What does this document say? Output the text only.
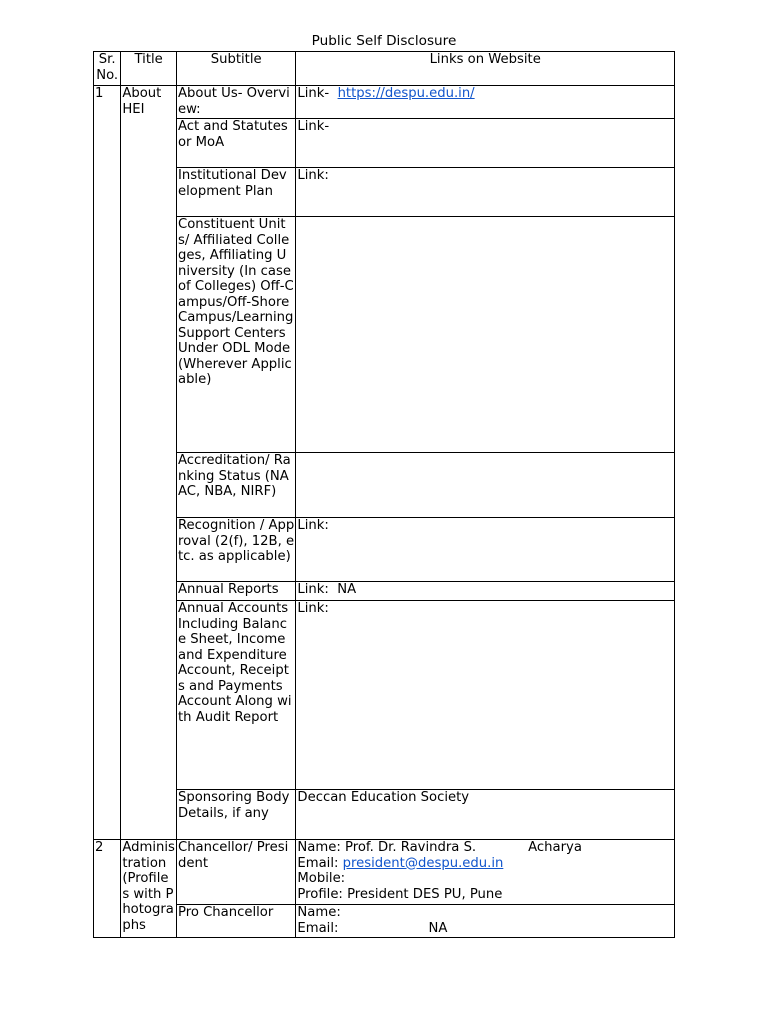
Public Self Disclosure
Sr. No.	Title	Subtitle	Links on Website
1	About HEI	About Us- Overview:	Link- https://despu.edu.in/
		Act and Statutes or MoA	Link-
		Institutional Development Plan	Link:
		Constituent Units/ Affiliated Colleges, Affiliating University (In case of Colleges) Off-Campus/Off-Shore Campus/Learning Support Centers Under ODL Mode (Wherever Applicable)	
		Accreditation/ Ranking Status (NAAC, NBA, NIRF)	
		Recognition / Approval (2(f), 12B, etc. as applicable)	Link:
		Annual Reports	Link: NA
		Annual Accounts Including Balance Sheet, Income and Expenditure Account, Receipts and Payments Account Along with Audit Report	Link:
		Sponsoring Body Details, if any	Deccan Education Society
2	Administration (Profiles with Photographs	Chancellor/ President	Name: Prof. Dr. Ravindra S. Acharya
Email: president@despu.edu.in
Mobile:
Profile: President DES PU, Pune

		Pro Chancellor	Name:
Email: NA
